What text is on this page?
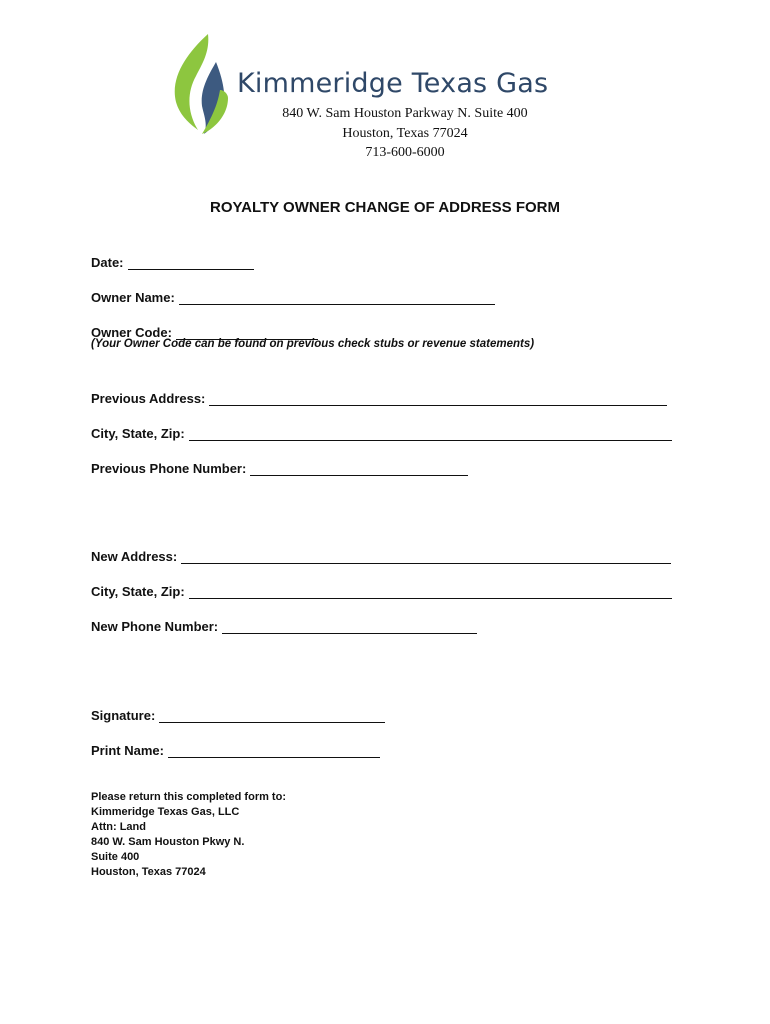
Kimmeridge Texas Gas
840 W. Sam Houston Parkway N. Suite 400
Houston, Texas 77024
713-600-6000
ROYALTY OWNER CHANGE OF ADDRESS FORM
Date:
Owner Name:
Owner Code:
(Your Owner Code can be found on previous check stubs or revenue statements)
Previous Address:
City, State, Zip:
Previous Phone Number:
New Address:
City, State, Zip:
New Phone Number:
Signature:
Print Name:
Please return this completed form to:
Kimmeridge Texas Gas, LLC
Attn: Land
840 W. Sam Houston Pkwy N.
Suite 400
Houston, Texas 77024
